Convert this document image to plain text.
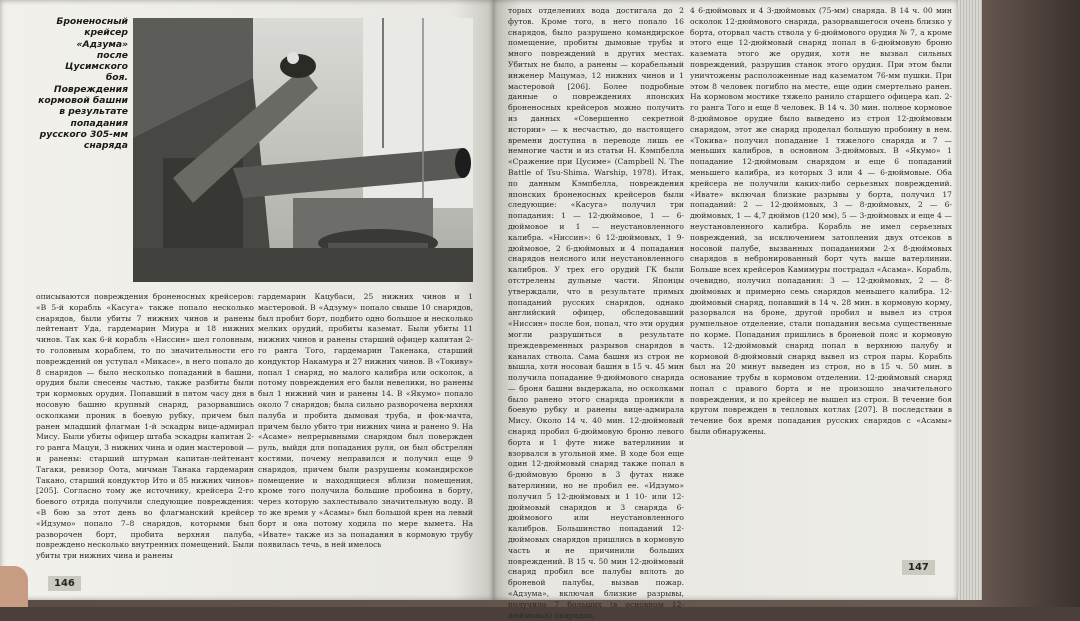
Броненосный
крейсер «Адзума»
после Цусимского
боя. Повреждения
кормовой башни
в результате
попадания
русского 305-мм
снаряда

описываются повреждения броненосных крейсеров: «В 5-й корабль «Касуга» также попало несколько снарядов, были убиты 7 нижних чинов и ранены лейтенант Уда, гардемарин Миура и 18 нижних чинов. Так как 6-й корабль «Ниссин» шел головным, то головным кораблем, то по значительности его повреждений он уступал «Микасе», в него попало до 8 снарядов — было несколько попаданий в башни, орудия были снесены частью, также разбиты были три кормовых орудия. Попавший в пятом часу дня в носовую башню крупный снаряд, разорвавшись осколками проник в боевую рубку, причем был ранен младший флагман 1-й эскадры вице-адмирал Мису. Были убиты офицер штаба эскадры капитан 2-го ранга Мацуи, 3 нижних чина и один мастеровой — и ранены: старший штурман капитан-лейтенант Тагаки, ревизор Оота, мичман Танака гардемарин Такано, старший кондуктор Ито и 85 нижних чинов» [205]. Согласно тому же источнику, крейсера 2-го боевого отряда получили следующие повреждения: «В бою за этот день во флагманский крейсер «Идзумо» попало 7–8 снарядов, которыми был разворочен борт, пробита верхняя палуба, повреждено несколько внутренних помещений. Были убиты три нижних чина и ранены

гардемарин Кацубаси, 25 нижних чинов и 1 мастеровой. В «Адзуму» попало свыше 10 снарядов, был пробит борт, подбито одно большое и несколько мелких орудий, пробиты каземат. Были убиты 11 нижних чинов и ранены старший офицер капитан 2-го ранга Того, гардемарин Такенака, старший кондуктор Накамура и 27 нижних чинов. В «Токиву» попал 1 снаряд, но малого калибра или осколок, а потому повреждения его были невелики, но ранены был 1 нижний чин и ранены 14. В «Якумо» попало около 7 снарядов; была сильно разворочена верхняя палуба и пробита дымовая труба, и фок-мачта, причем было убито три нижних чина и ранено 9. На «Асаме» непрерывными снарядом был повержден руль, выйдя для попадания руля, он был обстрелян костями, почему неправился и получил еще 9 снарядов, причем были разрушены командирское помещение и находящиеся вблизи помещения, кроме того получила большие пробоина в борту, через которую захлестывало значительную воду. В то же время у «Асамы» был большой крен на левый борт и она потому ходила по мере вымета. На «Ивате» также из за попадания в кормовую трубу появилась течь, в ней имелось

146

торых отделениях вода достигала до 2 футов. Кроме того, в него попало 16 снарядов, было разрушено командирское помещение, пробиты дымовые трубы и много повреждений в других местах. Убитых не было, а ранены — корабельный инженер Мацумаэ, 12 нижних чинов и 1 мастеровой [206]. Более подробные данные о повреждениях японских броненосных крейсеров можно получить из данных «Совершенно секретной истории» — к несчастью, до настоящего времени доступна в переводе лишь ее немногие части и из статьи Н. Кэмпбелла «Сражение при Цусиме» (Campbell N. The Battle of Tsu-Shima. Warship, 1978). Итак, по данным Кэмпбелла, повреждения японских броненосных крейсеров были следующие: «Касуга» получил три попадания: 1 — 12-дюймовое, 1 — 6-дюймовое и 1 — неустановленного калибра. «Ниссин»: 6 12-дюймовых, 1 9-дюймовое, 2 6-дюймовых и 4 попадания снарядов неясного или неустановленного калибров. У трех его орудий ГК были отстрелены дульные части. Японцы утверждали, что в результате прямых попаданий русских снарядов, однако английский офицер, обследовавший «Ниссин» после боя, попал, что эти орудия могли разрушиться в результате преждевременных разрывов снарядов в каналах ствола. Сама башня из строя не вышла, хотя носовая башня в 15 ч. 45 мин получила попадание 9-дюймового снаряда — броня башни выдержала, но осколками было ранено этого снаряда проникли в боевую рубку и ранены вице-адмирала Мису. Около 14 ч. 40 мин. 12-дюймовый снаряд пробил 6-дюймовую броню левого борта и 1 футе ниже ватерлинии и взорвался в угольной яме. В ходе боя еще один 12-дюймовый снаряд также попал в 6-дюймовую броню в 3 футах ниже ватерлинии, но не пробил ее. «Идзумо» получил 5 12-дюймовых и 1 10- или 12-дюймовый снарядов и 3 снаряда 6-дюймового или неустановленного калибров. Большинство попаданий 12-дюймовых снарядов пришлись в кормовую часть и не причинили больших повреждений. В 15 ч. 50 мин 12-дюймовый снаряд пробил все палубы вплоть до броневой палубы, вызвав пожар. «Адзума», включая близкие разрывы, получила 7 больших (в основном 12-дюймовых) снарядов,

4 6-дюймовых и 4 3-дюймовых (75-мм) снаряда. В 14 ч. 00 мин осколок 12-дюймового снаряда, разорвавшегося очень близко у борта, оторвал часть ствола у 6-дюймового орудия № 7, а кроме этого еще 12-дюймовый снаряд попал в 6-дюймовую броню каземата этого же орудия, хотя не вызвал сильных повреждений, разрушив станок этого орудия. При этом были уничтожены расположенные над казематом 76-мм пушки. При этом 8 человек погибло на месте, еще один смертельно ранен. На кормовом мостике тяжело ранило старшего офицера кап. 2-го ранга Того и еще 8 человек. В 14 ч. 30 мин. полное кормовое 8-дюймовое орудие было выведено из строя 12-дюймовым снарядом, этот же снаряд проделал большую пробоину в нем. «Токива» получил попадание 1 тяжелого снаряда и 7 — меньших калибров, в основном 3-дюймовых. В «Якумо» 1 попадание 12-дюймовым снарядом и еще 6 попаданий меньшего калибра, из которых 3 или 4 — 6-дюймовые. Оба крейсера не получили каких-либо серьезных повреждений. «Ивате» включая близкие разрывы у борта, получил 17 попаданий: 2 — 12-дюймовых, 3 — 8-дюймовых, 2 — 6-дюймовых, 1 — 4,7 дюймов (120 мм), 5 — 3-дюймовых и еще 4 — неустановленного калибра. Корабль не имел серьезных повреждений, за исключением затопления двух отсеков в носовой палубе, вызванных попаданиями 2-х 8-дюймовых снарядов в небронированный борт чуть выше ватерлинии. Больше всех крейсеров Камимуры пострадал «Асама». Корабль, очевидно, получил попадания: 3 — 12-дюймовых, 2 — 8-дюймовых и примерно семь снарядов меньшего калибра. 12-дюймовый снаряд, попавший в 14 ч. 28 мин. в кормовую корму, разорвался на броне, другой пробил и вывел из строя румпельное отделение, стали попадания весьма существенные по корме. Попадания пришлись в броневой пояс и кормовую часть. 12-дюймовый снаряд попал в верхнюю палубу и кормовой 8-дюймовый снаряд вывел из строя пары. Корабль был на 20 минут выведен из строя, но в 15 ч. 50 мин. в основание трубы в кормовом отделении. 12-дюймовый снаряд попал с правого борта и не произошло значительного повреждения, и по крейсер не вышел из строя. В течение боя кругом поврежден в тепловых котлах [207]. В последствии в течение боя время попадания русских снарядов с «Асамы» были обнаружены.

147
